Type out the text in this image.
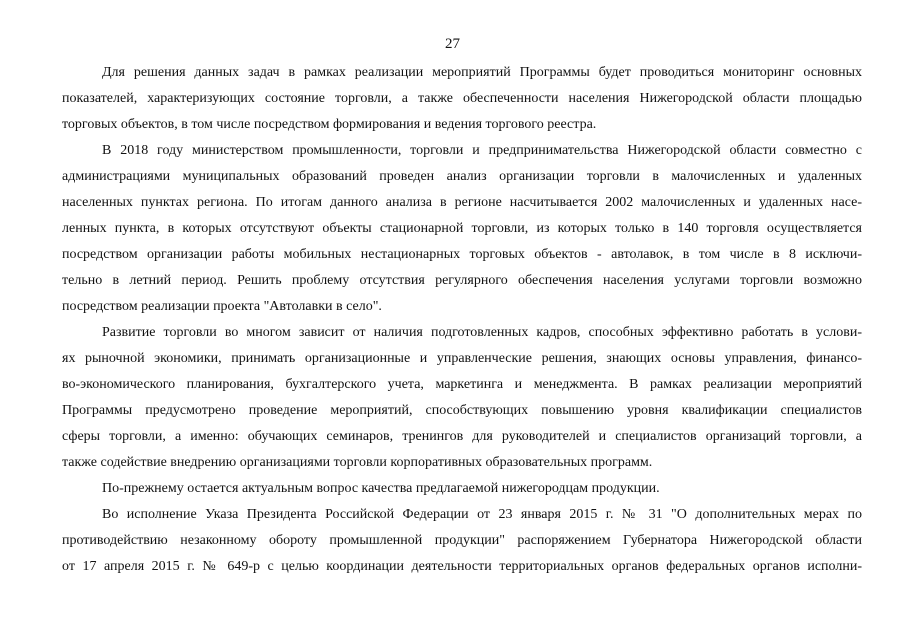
27
Для решения данных задач в рамках реализации мероприятий Программы будет проводиться мониторинг основных
показателей, характеризующих состояние торговли, а также обеспеченности населения Нижегородской области площадью
торговых объектов, в том числе посредством формирования и ведения торгового реестра.
В 2018 году министерством промышленности, торговли и предпринимательства Нижегородской области совместно с
администрациями муниципальных образований проведен анализ организации торговли в малочисленных и удаленных
населенных пунктах региона. По итогам данного анализа в регионе насчитывается 2002 малочисленных и удаленных насе-
ленных пункта, в которых отсутствуют объекты стационарной торговли, из которых только в 140 торговля осуществляется
посредством организации работы мобильных нестационарных торговых объектов - автолавок, в том числе в 8 исключи-
тельно в летний период. Решить проблему отсутствия регулярного обеспечения населения услугами торговли возможно
посредством реализации проекта "Автолавки в село".
Развитие торговли во многом зависит от наличия подготовленных кадров, способных эффективно работать в услови-
ях рыночной экономики, принимать организационные и управленческие решения, знающих основы управления, финансо-
во-экономического планирования, бухгалтерского учета, маркетинга и менеджмента. В рамках реализации мероприятий
Программы предусмотрено проведение мероприятий, способствующих повышению уровня квалификации специалистов
сферы торговли, а именно: обучающих семинаров, тренингов для руководителей и специалистов организаций торговли, а
также содействие внедрению организациями торговли корпоративных образовательных программ.
По-прежнему остается актуальным вопрос качества предлагаемой нижегородцам продукции.
Во исполнение Указа Президента Российской Федерации от 23 января 2015 г. № 31 "О дополнительных мерах по
противодействию незаконному обороту промышленной продукции" распоряжением Губернатора Нижегородской области
от 17 апреля 2015 г. № 649-р с целью координации деятельности территориальных органов федеральных органов исполни-
